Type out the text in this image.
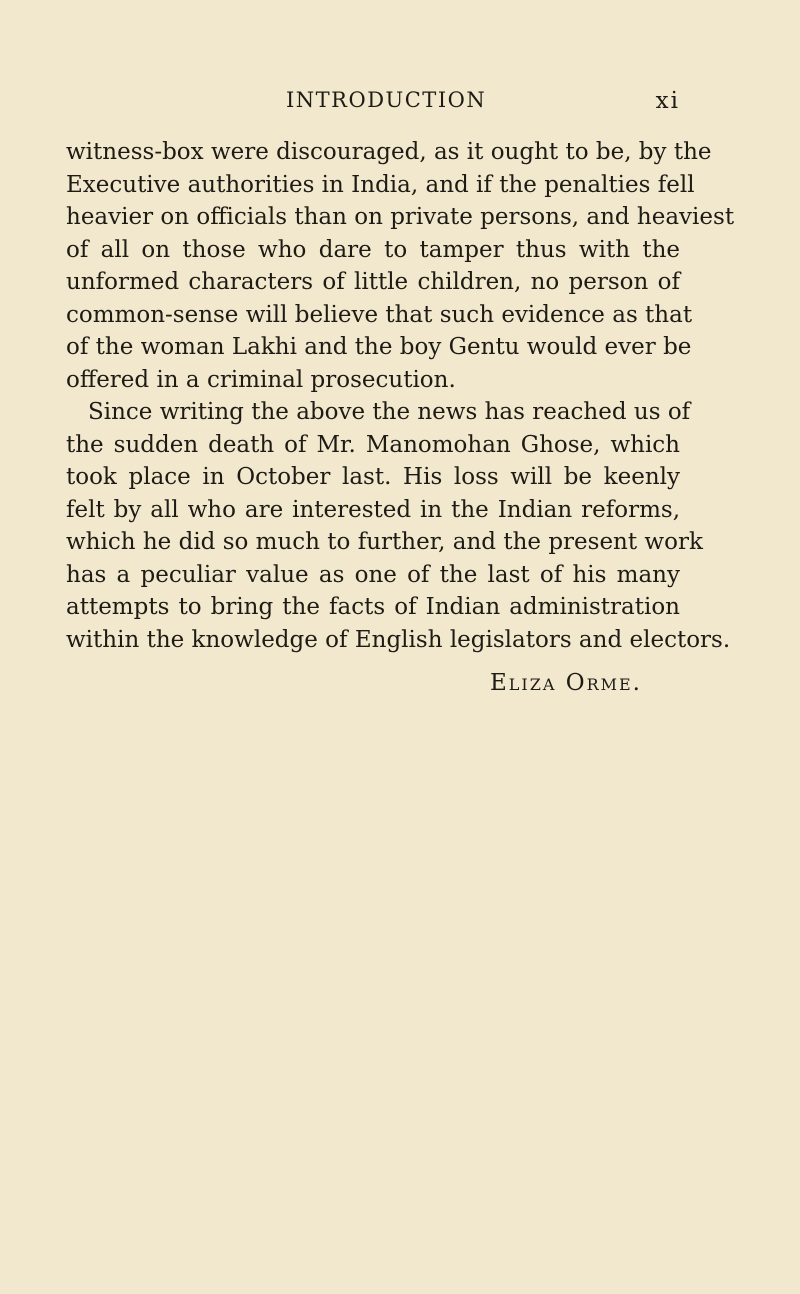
INTRODUCTION	xi
witness-box were discouraged, as it ought to be, by the
Executive authorities in India, and if the penalties fell
heavier on officials than on private persons, and heaviest
of all on those who dare to tamper thus with the
unformed characters of little children, no person of
common-sense will believe that such evidence as that
of the woman Lakhi and the boy Gentu would ever be
offered in a criminal prosecution.
Since writing the above the news has reached us of
the sudden death of Mr. Manomohan Ghose, which
took place in October last. His loss will be keenly
felt by all who are interested in the Indian reforms,
which he did so much to further, and the present work
has a peculiar value as one of the last of his many
attempts to bring the facts of Indian administration
within the knowledge of English legislators and electors.
Eliza Orme.
